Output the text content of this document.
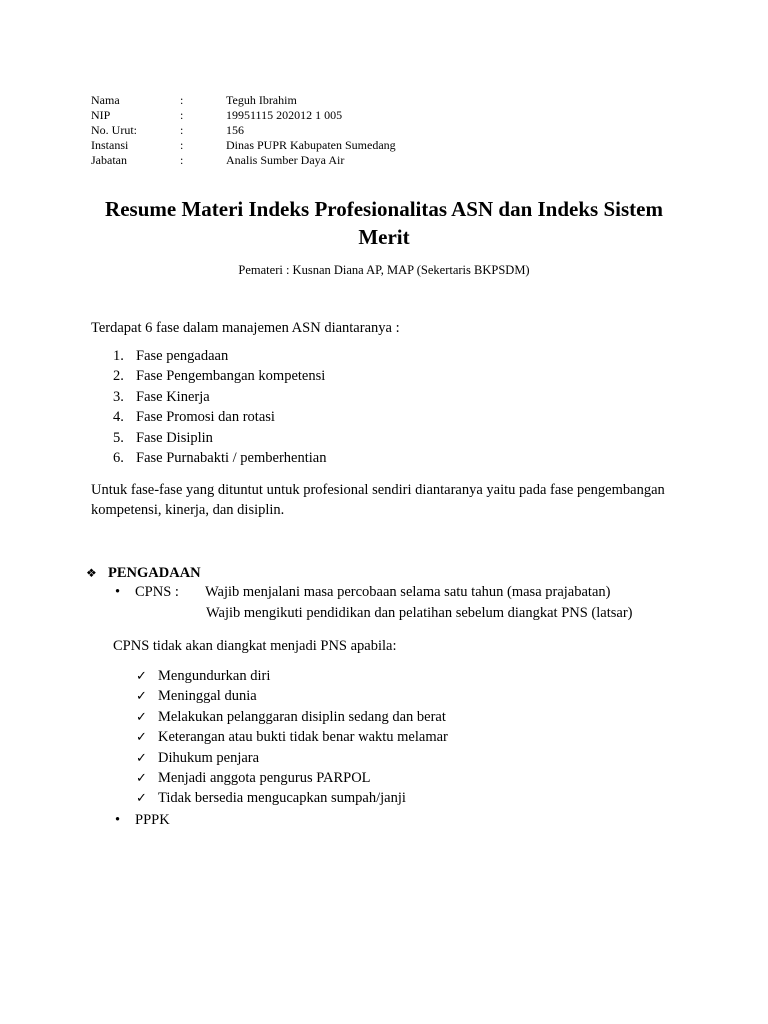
Nama	:	Teguh Ibrahim
NIP	:	19951115 202012 1 005
No. Urut:	:	156
Instansi	:	Dinas PUPR Kabupaten Sumedang
Jabatan	:	Analis Sumber Daya Air
Resume Materi Indeks Profesionalitas ASN dan Indeks Sistem
Merit
Pemateri : Kusnan Diana AP, MAP (Sekertaris BKPSDM)
Terdapat 6 fase dalam manajemen ASN diantaranya :
1. Fase pengadaan
2. Fase Pengembangan kompetensi
3. Fase Kinerja
4. Fase Promosi dan rotasi
5. Fase Disiplin
6. Fase Purnabakti / pemberhentian
Untuk fase-fase yang dituntut untuk profesional sendiri diantaranya yaitu pada fase pengembangan
kompetensi, kinerja, dan disiplin.
❖ PENGADAAN
•	CPNS :	Wajib menjalani masa percobaan selama satu tahun (masa prajabatan)
Wajib mengikuti pendidikan dan pelatihan sebelum diangkat PNS (latsar)
CPNS tidak akan diangkat menjadi PNS apabila:
✓ Mengundurkan diri
✓ Meninggal dunia
✓ Melakukan pelanggaran disiplin sedang dan berat
✓ Keterangan atau bukti tidak benar waktu melamar
✓ Dihukum penjara
✓ Menjadi anggota pengurus PARPOL
✓ Tidak bersedia mengucapkan sumpah/janji
•	PPPK
